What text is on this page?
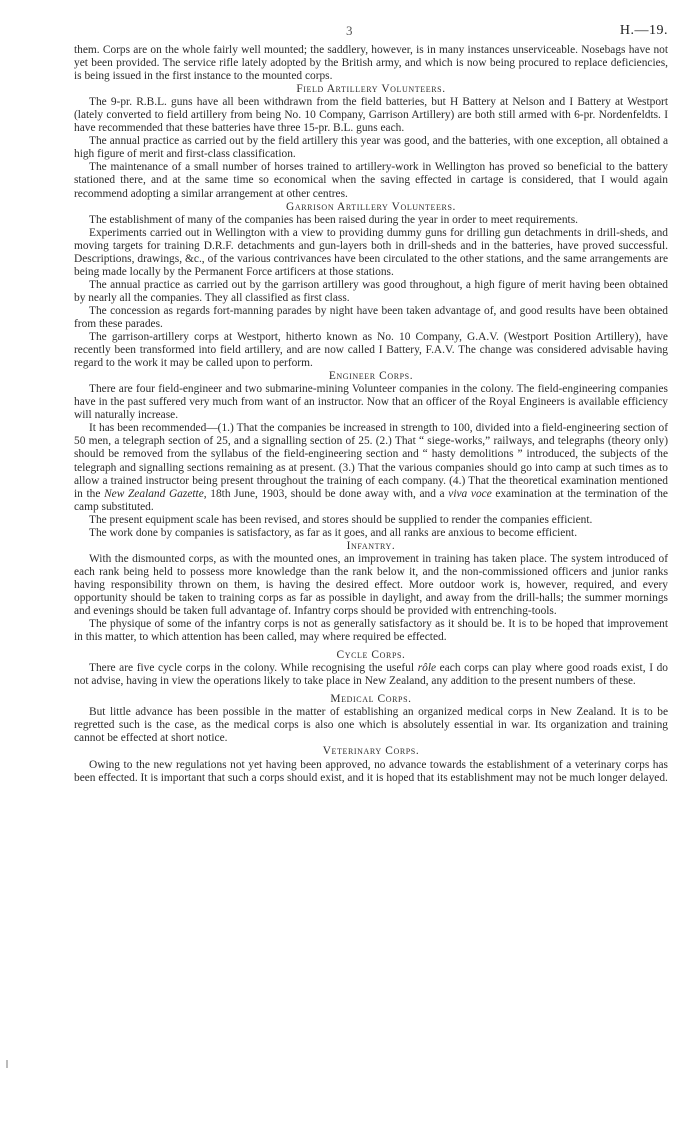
3	H.—19.

them. Corps are on the whole fairly well mounted; the saddlery, however, is in many instances unserviceable. Nosebags have not yet been provided. The service rifle lately adopted by the British army, and which is now being procured to replace deficiencies, is being issued in the first instance to the mounted corps.

Field Artillery Volunteers.

The 9-pr. R.B.L. guns have all been withdrawn from the field batteries, but H Battery at Nelson and I Battery at Westport (lately converted to field artillery from being No. 10 Company, Garrison Artillery) are both still armed with 6-pr. Nordenfeldts. I have recommended that these batteries have three 15-pr. B.L. guns each.

The annual practice as carried out by the field artillery this year was good, and the batteries, with one exception, all obtained a high figure of merit and first-class classification.

The maintenance of a small number of horses trained to artillery-work in Wellington has proved so beneficial to the battery stationed there, and at the same time so economical when the saving effected in cartage is considered, that I would again recommend adopting a similar arrangement at other centres.

Garrison Artillery Volunteers.

The establishment of many of the companies has been raised during the year in order to meet requirements.

Experiments carried out in Wellington with a view to providing dummy guns for drilling gun detachments in drill-sheds, and moving targets for training D.R.F. detachments and gun-layers both in drill-sheds and in the batteries, have proved successful. Descriptions, drawings, &c., of the various contrivances have been circulated to the other stations, and the same arrangements are being made locally by the Permanent Force artificers at those stations.

The annual practice as carried out by the garrison artillery was good throughout, a high figure of merit having been obtained by nearly all the companies. They all classified as first class.

The concession as regards fort-manning parades by night have been taken advantage of, and good results have been obtained from these parades.

The garrison-artillery corps at Westport, hitherto known as No. 10 Company, G.A.V. (Westport Position Artillery), have recently been transformed into field artillery, and are now called I Battery, F.A.V. The change was considered advisable having regard to the work it may be called upon to perform.

Engineer Corps.

There are four field-engineer and two submarine-mining Volunteer companies in the colony. The field-engineering companies have in the past suffered very much from want of an instructor. Now that an officer of the Royal Engineers is available efficiency will naturally increase.

It has been recommended—(1.) That the companies be increased in strength to 100, divided into a field-engineering section of 50 men, a telegraph section of 25, and a signalling section of 25. (2.) That “ siege-works,” railways, and telegraphs (theory only) should be removed from the syllabus of the field-engineering section and “ hasty demolitions ” introduced, the subjects of the telegraph and signalling sections remaining as at present. (3.) That the various companies should go into camp at such times as to allow a trained instructor being present throughout the training of each company. (4.) That the theoretical examination mentioned in the New Zealand Gazette, 18th June, 1903, should be done away with, and a viva voce examination at the termination of the camp substituted.

The present equipment scale has been revised, and stores should be supplied to render the companies efficient.

The work done by companies is satisfactory, as far as it goes, and all ranks are anxious to become efficient.

Infantry.

With the dismounted corps, as with the mounted ones, an improvement in training has taken place. The system introduced of each rank being held to possess more knowledge than the rank below it, and the non-commissioned officers and junior ranks having responsibility thrown on them, is having the desired effect. More outdoor work is, however, required, and every opportunity should be taken to training corps as far as possible in daylight, and away from the drill-halls; the summer mornings and evenings should be taken full advantage of. Infantry corps should be provided with entrenching-tools.

The physique of some of the infantry corps is not as generally satisfactory as it should be. It is to be hoped that improvement in this matter, to which attention has been called, may where required be effected.

Cycle Corps.

There are five cycle corps in the colony. While recognising the useful rôle each corps can play where good roads exist, I do not advise, having in view the operations likely to take place in New Zealand, any addition to the present numbers of these.

Medical Corps.

But little advance has been possible in the matter of establishing an organized medical corps in New Zealand. It is to be regretted such is the case, as the medical corps is also one which is absolutely essential in war. Its organization and training cannot be effected at short notice.

Veterinary Corps.

Owing to the new regulations not yet having been approved, no advance towards the establishment of a veterinary corps has been effected. It is important that such a corps should exist, and it is hoped that its establishment may not be much longer delayed.
